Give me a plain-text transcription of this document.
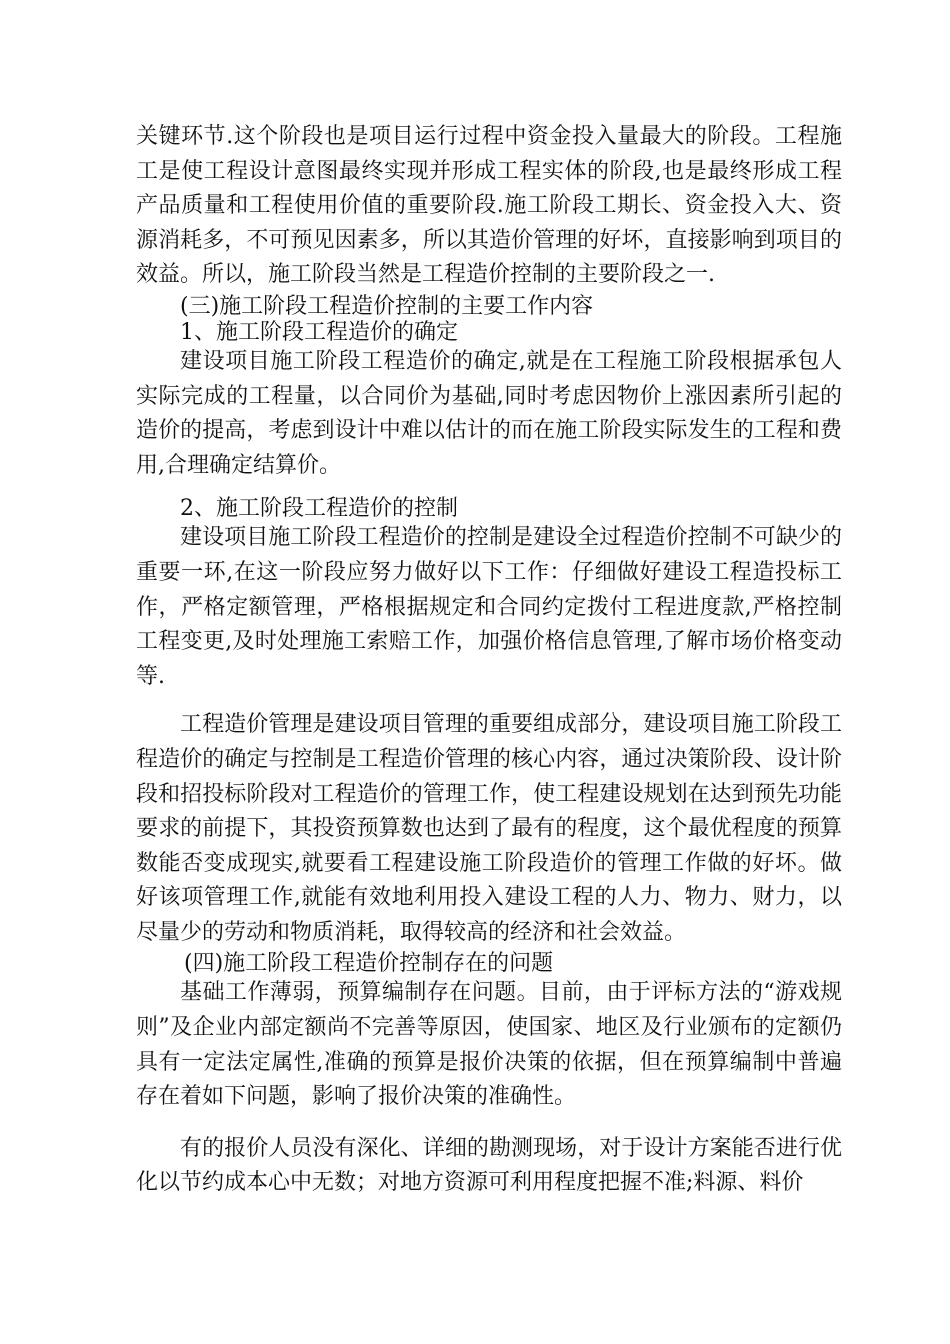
关键环节.这个阶段也是项目运行过程中资金投入量最大的阶段。工程施工是使工程设计意图最终实现并形成工程实体的阶段,也是最终形成工程产品质量和工程使用价值的重要阶段.施工阶段工期长、资金投入大、资源消耗多，不可预见因素多，所以其造价管理的好坏，直接影响到项目的效益。所以，施工阶段当然是工程造价控制的主要阶段之一.

(三)施工阶段工程造价控制的主要工作内容

1、施工阶段工程造价的确定

建设项目施工阶段工程造价的确定,就是在工程施工阶段根据承包人实际完成的工程量，以合同价为基础,同时考虑因物价上涨因素所引起的造价的提高，考虑到设计中难以估计的而在施工阶段实际发生的工程和费用,合理确定结算价。

2、施工阶段工程造价的控制

建设项目施工阶段工程造价的控制是建设全过程造价控制不可缺少的重要一环,在这一阶段应努力做好以下工作：仔细做好建设工程造投标工作，严格定额管理，严格根据规定和合同约定拨付工程进度款,严格控制工程变更,及时处理施工索赔工作，加强价格信息管理,了解市场价格变动等.

工程造价管理是建设项目管理的重要组成部分，建设项目施工阶段工程造价的确定与控制是工程造价管理的核心内容，通过决策阶段、设计阶段和招投标阶段对工程造价的管理工作，使工程建设规划在达到预先功能要求的前提下，其投资预算数也达到了最有的程度，这个最优程度的预算数能否变成现实,就要看工程建设施工阶段造价的管理工作做的好坏。做好该项管理工作,就能有效地利用投入建设工程的人力、物力、财力，以尽量少的劳动和物质消耗，取得较高的经济和社会效益。

(四)施工阶段工程造价控制存在的问题

基础工作薄弱，预算编制存在问题。目前，由于评标方法的“游戏规则”及企业内部定额尚不完善等原因，使国家、地区及行业颁布的定额仍具有一定法定属性,准确的预算是报价决策的依据，但在预算编制中普遍存在着如下问题，影响了报价决策的准确性。

有的报价人员没有深化、详细的勘测现场，对于设计方案能否进行优化以节约成本心中无数；对地方资源可利用程度把握不准;料源、料价
